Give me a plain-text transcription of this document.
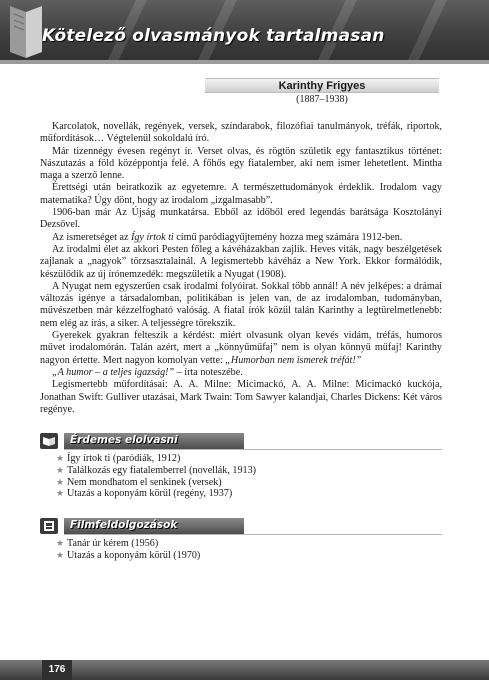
Kötelező olvasmányok tartalmasan
Karinthy Frigyes
(1887–1938)

Karcolatok, novellák, regények, versek, színdarabok, filozófiai tanulmányok, tréfák, riportok, műfordítások… Végtelenül sokoldalú író.

Már tizennégy évesen regényt ír. Verset olvas, és rögtön születik egy fantasztikus történet: Nászutazás a föld középpontja felé. A főhős egy fiatalember, aki nem ismer lehetetlent. Mintha maga a szerző lenne.

Érettségi után beiratkozik az egyetemre. A természettudományok érdeklik. Irodalom vagy matematika? Úgy dönt, hogy az irodalom „izgalmasabb”.

1906-ban már Az Újság munkatársa. Ebből az időből ered legendás barátsága Kosztolányi Dezsővel.

Az ismeretséget az Így írtok ti című paródiagyűjtemény hozza meg számára 1912-ben.

Az irodalmi élet az akkori Pesten főleg a kávéházakban zajlik. Heves viták, nagy beszélgetések zajlanak a „nagyok” törzsasztalainál. A legismertebb kávéház a New York. Ekkor formálódik, készülődik az új írónemzedék: megszületik a Nyugat (1908).

A Nyugat nem egyszerűen csak irodalmi folyóirat. Sokkal több annál! A név jelképes: a drámai változás igénye a társadalomban, politikában is jelen van, de az irodalomban, tudományban, művészetben már kézzelfogható valóság. A fiatal írók közül talán Karinthy a legtürelmetlenebb: nem elég az írás, a siker. A teljességre törekszik.

Gyerekek gyakran felteszik a kérdést: miért olvasunk olyan kevés vidám, tréfás, humoros művet irodalomórán. Talán azért, mert a „könnyűműfaj” nem is olyan könnyű műfaj! Karinthy nagyon értette. Mert nagyon komolyan vette: „Humorban nem ismerek tréfát!”

„A humor – a teljes igazság!” – írta noteszébe.

Legismertebb műfordításai: A. A. Milne: Micimackó, A. A. Milne: Micimackó kuckója, Jonathan Swift: Gulliver utazásai, Mark Twain: Tom Sawyer kalandjai, Charles Dickens: Két város regénye.

Érdemes elolvasni
★ Így írtok ti (paródiák, 1912)
★ Találkozás egy fiatalemberrel (novellák, 1913)
★ Nem mondhatom el senkinek (versek)
★ Utazás a koponyám körül (regény, 1937)
Filmfeldolgozások
★ Tanár úr kérem (1956)
★ Utazás a koponyám körül (1970)
176
